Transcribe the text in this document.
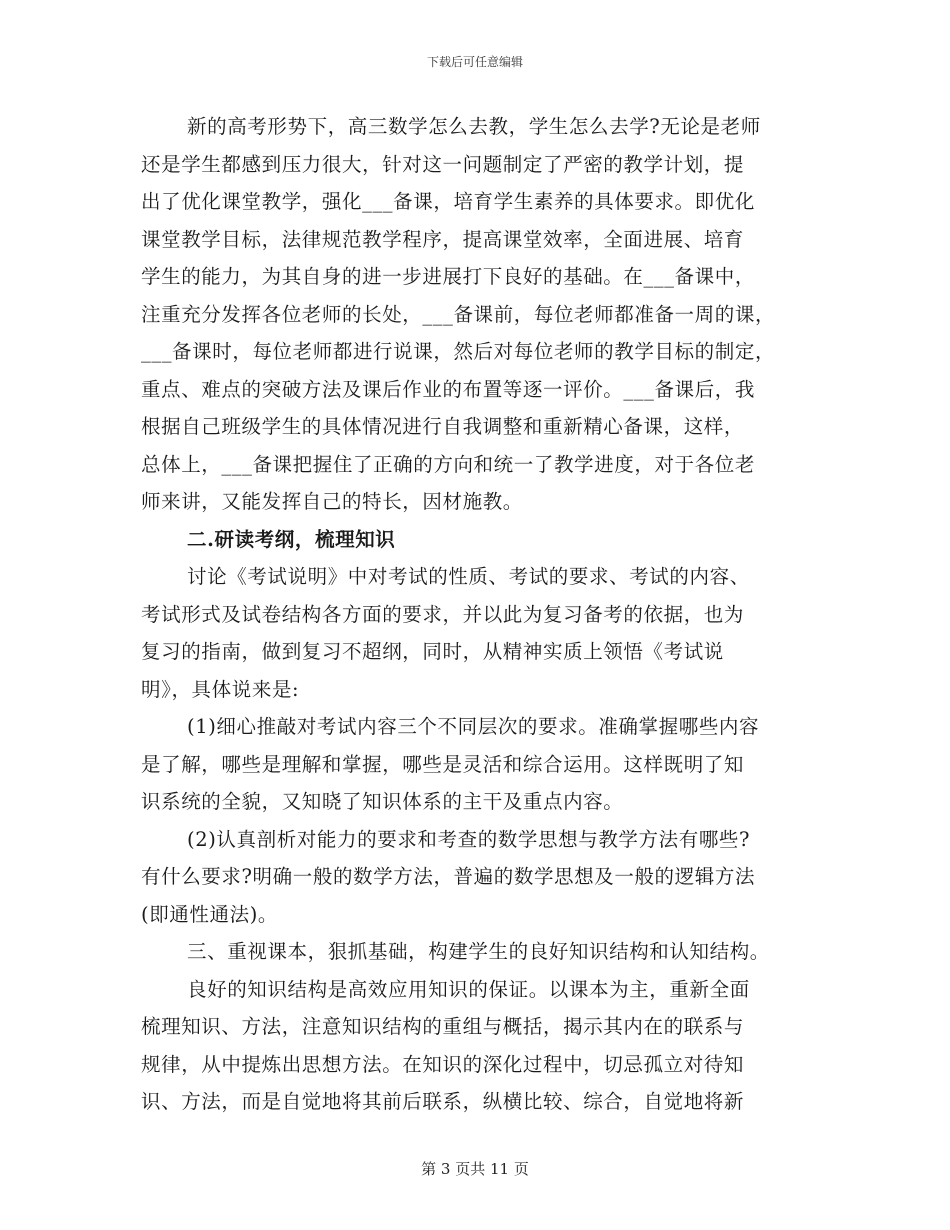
下载后可任意编辑
新的高考形势下，高三数学怎么去教，学生怎么去学?无论是老师
还是学生都感到压力很大，针对这一问题制定了严密的教学计划，提
出了优化课堂教学，强化___备课，培育学生素养的具体要求。即优化
课堂教学目标，法律规范教学程序，提高课堂效率，全面进展、培育
学生的能力，为其自身的进一步进展打下良好的基础。在___备课中，
注重充分发挥各位老师的长处，___备课前，每位老师都准备一周的课，
___备课时，每位老师都进行说课，然后对每位老师的教学目标的制定，
重点、难点的突破方法及课后作业的布置等逐一评价。___备课后，我
根据自己班级学生的具体情况进行自我调整和重新精心备课，这样，
总体上，___备课把握住了正确的方向和统一了教学进度，对于各位老
师来讲，又能发挥自己的特长，因材施教。
二.研读考纲，梳理知识
讨论《考试说明》中对考试的性质、考试的要求、考试的内容、
考试形式及试卷结构各方面的要求，并以此为复习备考的依据，也为
复习的指南，做到复习不超纲，同时，从精神实质上领悟《考试说
明》，具体说来是:
(1)细心推敲对考试内容三个不同层次的要求。准确掌握哪些内容
是了解，哪些是理解和掌握，哪些是灵活和综合运用。这样既明了知
识系统的全貌，又知晓了知识体系的主干及重点内容。
(2)认真剖析对能力的要求和考查的数学思想与教学方法有哪些?
有什么要求?明确一般的数学方法，普遍的数学思想及一般的逻辑方法
(即通性通法)。
三、重视课本，狠抓基础，构建学生的良好知识结构和认知结构。
良好的知识结构是高效应用知识的保证。以课本为主，重新全面
梳理知识、方法，注意知识结构的重组与概括，揭示其内在的联系与
规律，从中提炼出思想方法。在知识的深化过程中，切忌孤立对待知
识、方法，而是自觉地将其前后联系，纵横比较、综合，自觉地将新
第 3 页共 11 页
